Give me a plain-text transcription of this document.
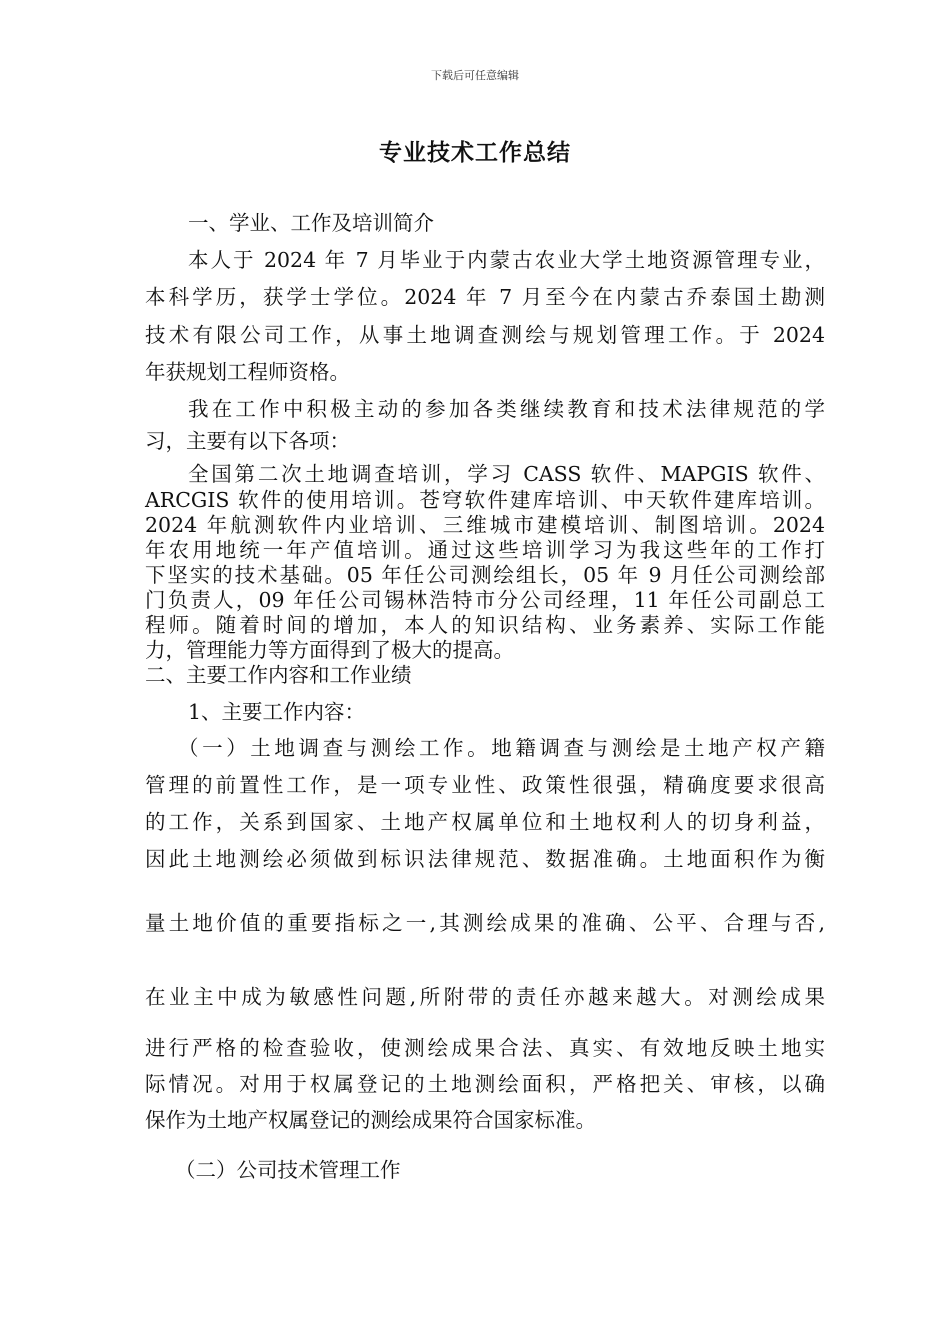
下载后可任意编辑
专业技术工作总结
一、学业、工作及培训简介
本人于 2024 年 7 月毕业于内蒙古农业大学土地资源管理专业，
本科学历，获学士学位。2024 年 7 月至今在内蒙古乔泰国土勘测
技术有限公司工作，从事土地调查测绘与规划管理工作。于 2024
年获规划工程师资格。
我在工作中积极主动的参加各类继续教育和技术法律规范的学
习，主要有以下各项：
全国第二次土地调查培训，学习 CASS 软件、MAPGIS 软件、
ARCGIS 软件的使用培训。苍穹软件建库培训、中天软件建库培训。
2024 年航测软件内业培训、三维城市建模培训、制图培训。2024
年农用地统一年产值培训。通过这些培训学习为我这些年的工作打
下坚实的技术基础。05 年任公司测绘组长，05 年 9 月任公司测绘部
门负责人，09 年任公司锡林浩特市分公司经理，11 年任公司副总工
程师。随着时间的增加，本人的知识结构、业务素养、实际工作能
力，管理能力等方面得到了极大的提高。
二、主要工作内容和工作业绩
1、主要工作内容：
（一）土地调查与测绘工作。地籍调查与测绘是土地产权产籍
管理的前置性工作，是一项专业性、政策性很强，精确度要求很高
的工作，关系到国家、土地产权属单位和土地权利人的切身利益，
因此土地测绘必须做到标识法律规范、数据准确。土地面积作为衡
量土地价值的重要指标之一,其测绘成果的准确、公平、合理与否,
在业主中成为敏感性问题,所附带的责任亦越来越大。对测绘成果
进行严格的检查验收，使测绘成果合法、真实、有效地反映土地实
际情况。对用于权属登记的土地测绘面积，严格把关、审核，以确
保作为土地产权属登记的测绘成果符合国家标准。
（二）公司技术管理工作
